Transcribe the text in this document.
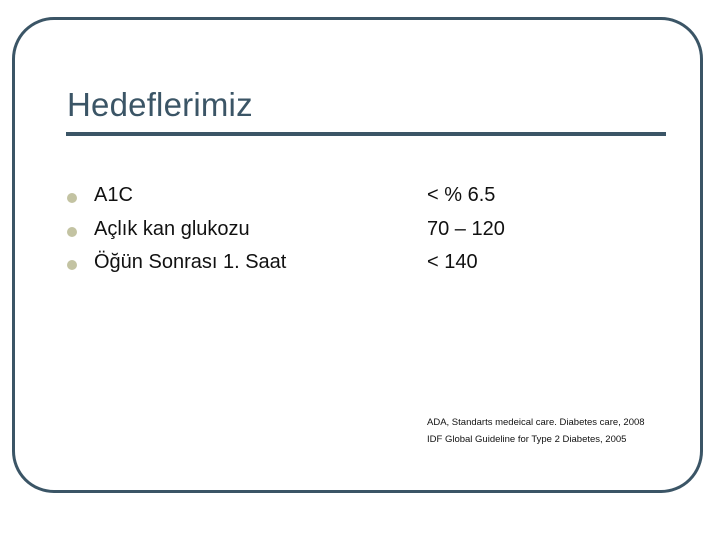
Hedeflerimiz
A1C	< % 6.5
Açlık kan glukozu	70 – 120
Öğün Sonrası 1. Saat	< 140
ADA, Standarts medeical care. Diabetes care, 2008
IDF Global Guideline for Type 2 Diabetes, 2005
